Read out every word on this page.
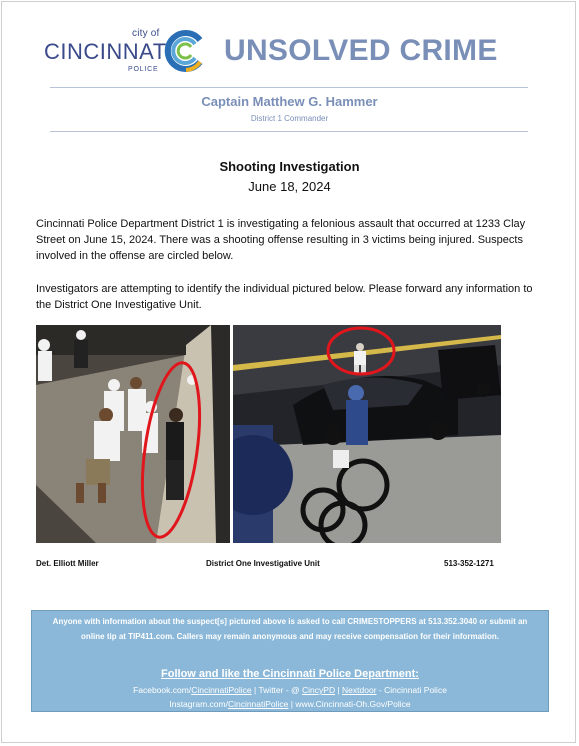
city of
CINCINNATI
POLICE
UNSOLVED CRIME
Captain Matthew G. Hammer
District 1 Commander
Shooting Investigation
June 18, 2024
Cincinnati Police Department District 1 is investigating a felonious assault that occurred at 1233 Clay Street on June 15, 2024. There was a shooting offense resulting in 3 victims being injured. Suspects involved in the offense are circled below.
Investigators are attempting to identify the individual pictured below. Please forward any information to the District One Investigative Unit.
Det. Elliott Miller	District One Investigative Unit	513-352-1271
Anyone with information about the suspect[s] pictured above is asked to call CRIMESTOPPERS at 513.352.3040 or submit an online tip at TIP411.com. Callers may remain anonymous and may receive compensation for their information.
Follow and like the Cincinnati Police Department:
Facebook.com/CincinnatiPolice | Twitter - @ CincyPD | Nextdoor - Cincinnati Police
Instagram.com/CincinnatiPolice | www.Cincinnati-Oh.Gov/Police
